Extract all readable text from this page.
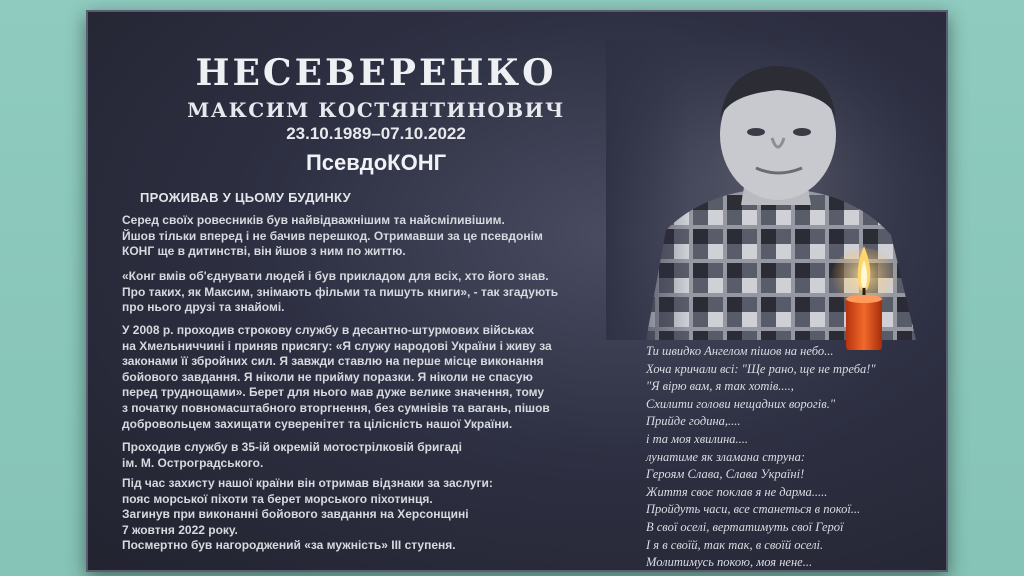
НЕСЕВЕРЕНКО
МАКСИМ КОСТЯНТИНОВИЧ
23.10.1989–07.10.2022
ПсевдоКОНГ
ПРОЖИВАВ У ЦЬОМУ БУДИНКУ
Серед своїх ровесників був найвідважнішим та найсміливішим.
Йшов тільки вперед і не бачив перешкод. Отримавши за це псевдонім
КОНГ ще в дитинстві, він йшов з ним по життю.
«Конг вмів об'єднувати людей і був прикладом для всіх, хто його знав.
Про таких, як Максим, знімають фільми та пишуть книги», - так згадують
про нього друзі та знайомі.
У 2008 р. проходив строкову службу в десантно-штурмових військах
на Хмельниччині і приняв присягу: «Я служу народові України і живу за
законами її збройних сил. Я завжди ставлю на перше місце виконання
бойового завдання. Я ніколи не прийму поразки. Я ніколи не спасую
перед труднощами». Берет для нього мав дуже велике значення, тому
з початку повномасштабного вторгнення, без сумнівів та вагань, пішов
добровольцем захищати суверенітет та цілісність нашої України.
Проходив службу в 35-ій окремій мотострілковій бригаді
ім. М. Остроградського.
Під час захисту нашої країни він отримав відзнаки за заслуги:
пояс морської піхоти та берет морського піхотинця.
Загинув при виконанні бойового завдання на Херсонщині
7 жовтня 2022 року.
Посмертно був нагороджений «за мужність» ІІІ ступеня.
Ти швидко Ангелом пішов на небо...
Хоча кричали всі: "Ще рано, ще не треба!"
"Я вірю вам, я так хотів....,
Схилити голови нещадних ворогів."
Прийде година,....
і та моя хвилина....
лунатиме як зламана струна:
Героям Слава, Слава Україні!
Життя своє поклав я не дарма.....
Пройдуть часи, все станеться в покої...
В свої оселі, вертатимуть свої Герої
І я в своїй, так так, в своїй оселі.
Молитимусь покою, моя нене...
